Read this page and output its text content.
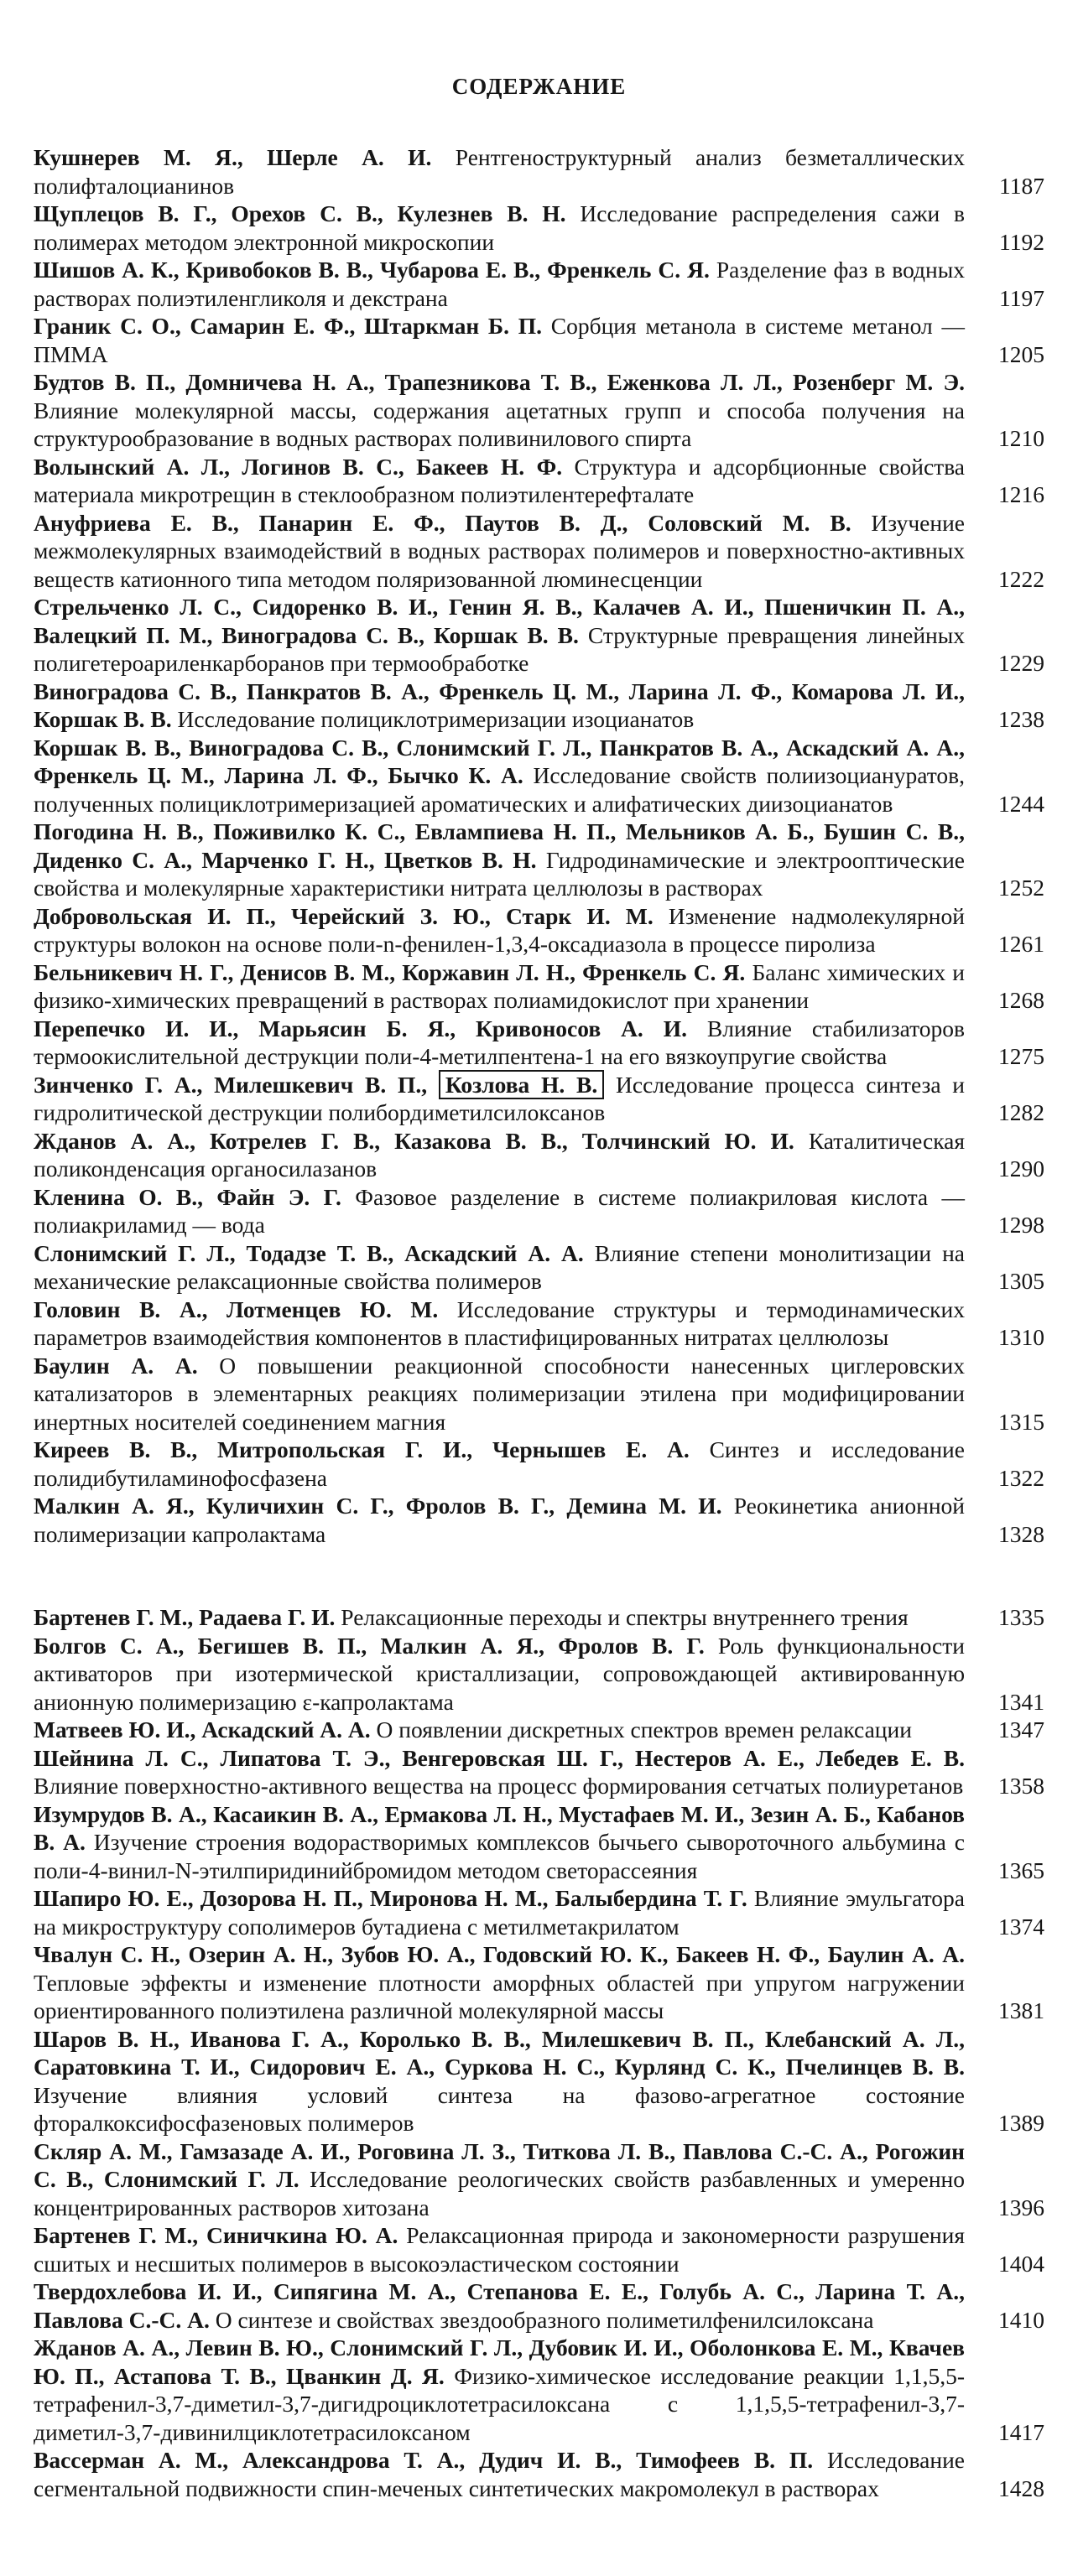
СОДЕРЖАНИЕ
Кушнерев М. Я., Шерле А. И. Рентгеноструктурный анализ безметаллических полифталоцианинов	1187
Щуплецов В. Г., Орехов С. В., Кулезнев В. Н. Исследование распределения сажи в полимерах методом электронной микроскопии	1192
Шишов А. К., Кривобоков В. В., Чубарова Е. В., Френкель С. Я. Разделение фаз в водных растворах полиэтиленгликоля и декстрана	1197
Граник С. О., Самарин Е. Ф., Штаркман Б. П. Сорбция метанола в системе метанол — ПММА	1205
Будтов В. П., Домничева Н. А., Трапезникова Т. В., Еженкова Л. Л., Розенберг М. Э. Влияние молекулярной массы, содержания ацетатных групп и способа получения на структурообразование в водных растворах поливинилового спирта	1210
Волынский А. Л., Логинов В. С., Бакеев Н. Ф. Структура и адсорбционные свойства материала микротрещин в стеклообразном полиэтилентерефталате	1216
Ануфриева Е. В., Панарин Е. Ф., Паутов В. Д., Соловский М. В. Изучение межмолекулярных взаимодействий в водных растворах полимеров и поверхностно-активных веществ катионного типа методом поляризованной люминесценции	1222
Стрельченко Л. С., Сидоренко В. И., Генин Я. В., Калачев А. И., Пшеничкин П. А., Валецкий П. М., Виноградова С. В., Коршак В. В. Структурные превращения линейных полигетероариленкарборанов при термообработке	1229
Виноградова С. В., Панкратов В. А., Френкель Ц. М., Ларина Л. Ф., Комарова Л. И., Коршак В. В. Исследование полициклотримеризации изоцианатов	1238
Коршак В. В., Виноградова С. В., Слонимский Г. Л., Панкратов В. А., Аскадский А. А., Френкель Ц. М., Ларина Л. Ф., Бычко К. А. Исследование свойств полиизоциануратов, полученных полициклотримеризацией ароматических и алифатических диизоцианатов	1244
Погодина Н. В., Поживилко К. С., Евлампиева Н. П., Мельников А. Б., Бушин С. В., Диденко С. А., Марченко Г. Н., Цветков В. Н. Гидродинамические и электрооптические свойства и молекулярные характеристики нитрата целлюлозы в растворах	1252
Добровольская И. П., Черейский З. Ю., Старк И. М. Изменение надмолекулярной структуры волокон на основе поли-n-фенилен-1,3,4-оксадиазола в процессе пиролиза	1261
Бельникевич Н. Г., Денисов В. М., Коржавин Л. Н., Френкель С. Я. Баланс химических и физико-химических превращений в растворах полиамидокислот при хранении	1268
Перепечко И. И., Марьясин Б. Я., Кривоносов А. И. Влияние стабилизаторов термоокислительной деструкции поли-4-метилпентена-1 на его вязкоупругие свойства	1275
Зинченко Г. А., Милешкевич В. П., Козлова Н. В. Исследование процесса синтеза и гидролитической деструкции полибордиметилсилоксанов	1282
Жданов А. А., Котрелев Г. В., Казакова В. В., Толчинский Ю. И. Каталитическая поликонденсация органосилазанов	1290
Кленина О. В., Файн Э. Г. Фазовое разделение в системе полиакриловая кислота — полиакриламид — вода	1298
Слонимский Г. Л., Тодадзе Т. В., Аскадский А. А. Влияние степени монолитизации на механические релаксационные свойства полимеров	1305
Головин В. А., Лотменцев Ю. М. Исследование структуры и термодинамических параметров взаимодействия компонентов в пластифицированных нитратах целлюлозы	1310
Баулин А. А. О повышении реакционной способности нанесенных циглеровских катализаторов в элементарных реакциях полимеризации этилена при модифицировании инертных носителей соединением магния	1315
Киреев В. В., Митропольская Г. И., Чернышев Е. А. Синтез и исследование полидибутиламинофосфазена	1322
Малкин А. Я., Куличихин С. Г., Фролов В. Г., Демина М. И. Реокинетика анионной полимеризации капролактама	1328
Бартенев Г. М., Радаева Г. И. Релаксационные переходы и спектры внутреннего трения	1335
Болгов С. А., Бегишев В. П., Малкин А. Я., Фролов В. Г. Роль функциональности активаторов при изотермической кристаллизации, сопровождающей активированную анионную полимеризацию ε-капролактама	1341
Матвеев Ю. И., Аскадский А. А. О появлении дискретных спектров времен релаксации	1347
Шейнина Л. С., Липатова Т. Э., Венгеровская Ш. Г., Нестеров А. Е., Лебедев Е. В. Влияние поверхностно-активного вещества на процесс формирования сетчатых полиуретанов	1358
Изумрудов В. А., Касаикин В. А., Ермакова Л. Н., Мустафаев М. И., Зезин А. Б., Кабанов В. А. Изучение строения водорастворимых комплексов бычьего сывороточного альбумина с поли-4-винил-N-этилпиридинийбромидом методом светорассеяния	1365
Шапиро Ю. Е., Дозорова Н. П., Миронова Н. М., Балыбердина Т. Г. Влияние эмульгатора на микроструктуру сополимеров бутадиена с метилметакрилатом	1374
Чвалун С. Н., Озерин А. Н., Зубов Ю. А., Годовский Ю. К., Бакеев Н. Ф., Баулин А. А. Тепловые эффекты и изменение плотности аморфных областей при упругом нагружении ориентированного полиэтилена различной молекулярной массы	1381
Шаров В. Н., Иванова Г. А., Королько В. В., Милешкевич В. П., Клебанский А. Л., Саратовкина Т. И., Сидорович Е. А., Суркова Н. С., Курлянд С. К., Пчелинцев В. В. Изучение влияния условий синтеза на фазово-агрегатное состояние фторалкоксифосфазеновых полимеров	1389
Скляр А. М., Гамзазаде А. И., Роговина Л. З., Титкова Л. В., Павлова С.-С. А., Рогожин С. В., Слонимский Г. Л. Исследование реологических свойств разбавленных и умеренно концентрированных растворов хитозана	1396
Бартенев Г. М., Синичкина Ю. А. Релаксационная природа и закономерности разрушения сшитых и несшитых полимеров в высокоэластическом состоянии	1404
Твердохлебова И. И., Сипягина М. А., Степанова Е. Е., Голубь А. С., Ларина Т. А., Павлова С.-С. А. О синтезе и свойствах звездообразного полиметилфенилсилоксана	1410
Жданов А. А., Левин В. Ю., Слонимский Г. Л., Дубовик И. И., Оболонкова Е. М., Квачев Ю. П., Астапова Т. В., Цванкин Д. Я. Физико-химическое исследование реакции 1,1,5,5-тетрафенил-3,7-диметил-3,7-дигидроциклотетрасилоксана с 1,1,5,5-тетрафенил-3,7-диметил-3,7-дивинилциклотетрасилоксаном	1417
Вассерман А. М., Александрова Т. А., Дудич И. В., Тимофеев В. П. Исследование сегментальной подвижности спин-меченых синтетических макромолекул в растворах	1428
